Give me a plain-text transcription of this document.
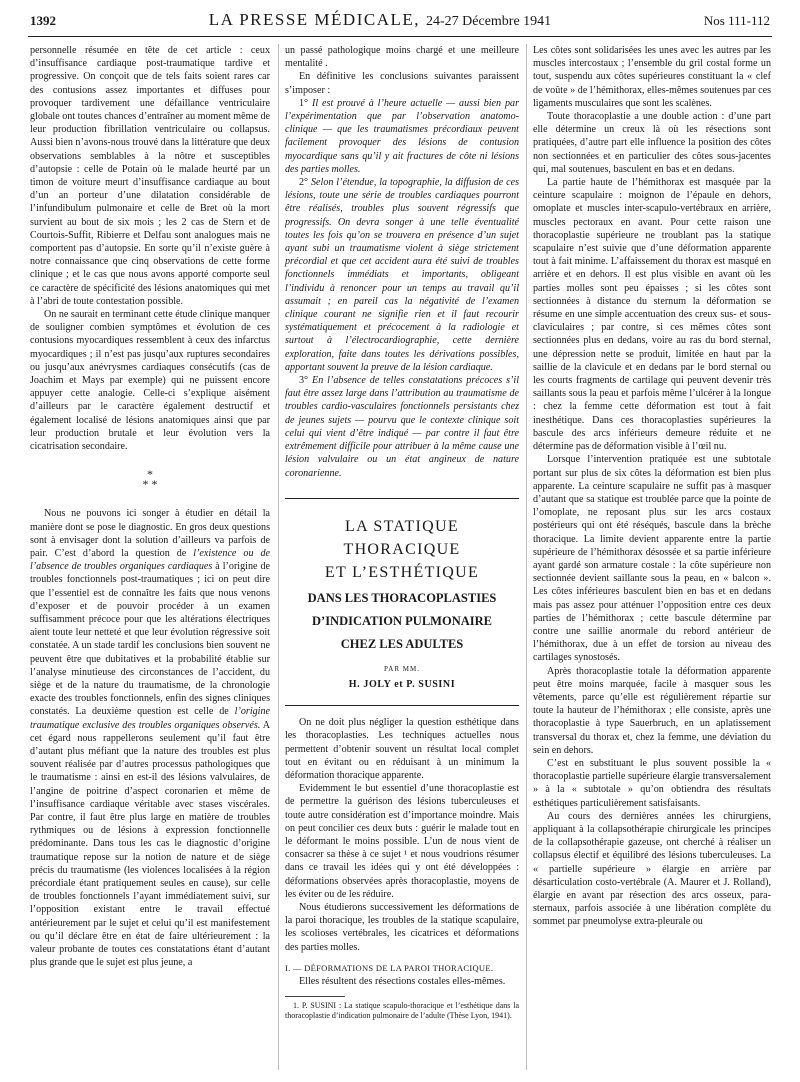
1392	LA PRESSE MÉDICALE, 24-27 Décembre 1941	Nos 111-112

personnelle résumée en tête de cet article : ceux d’insuffisance cardiaque post-traumatique tardive et progressive. On conçoit que de tels faits soient rares car des contusions assez importantes et diffuses pour provoquer tardivement une défaillance ventriculaire globale ont toutes chances d’entraîner au moment même de leur production fibrillation ventriculaire ou collapsus. Aussi bien n’avons-nous trouvé dans la littérature que deux observations semblables à la nôtre et susceptibles d’autopsie : celle de Potain où le malade heurté par un timon de voiture meurt d’insuffisance cardiaque au bout d’un an porteur d’une dilatation considérable de l’infundibulum pulmonaire et celle de Bret où la mort survient au bout de six mois ; les 2 cas de Stern et de Courtois-Suffit, Ribierre et Delfau sont analogues mais ne comportent pas d’autopsie. En sorte qu’il n’existe guère à notre connaissance que cinq observations de cette forme clinique ; et le cas que nous avons apporté comporte seul ce caractère de spécificité des lésions anatomiques qui met à l’abri de toute contestation possible.

On ne saurait en terminant cette étude clinique manquer de souligner combien symptômes et évolution de ces contusions myocardiques ressemblent à ceux des infarctus myocardiques ; il n’est pas jusqu’aux ruptures secondaires ou jusqu’aux anévrysmes cardiaques consécutifs (cas de Joachim et Mays par exemple) qui ne puissent encore appuyer cette analogie. Celle-ci s’explique aisément d’ailleurs par le caractère également destructif et également localisé de lésions anatomiques ainsi que par leur production brutale et leur évolution vers la cicatrisation secondaire.

*
* *

Nous ne pouvons ici songer à étudier en détail la manière dont se pose le diagnostic. En gros deux questions sont à envisager dont la solution d’ailleurs va parfois de pair. C’est d’abord la question de l’existence ou de l’absence de troubles organiques cardiaques à l’origine de troubles fonctionnels post-traumatiques ; ici on peut dire que l’essentiel est de connaître les faits que nous venons d’exposer et de pouvoir procéder à un examen suffisamment précoce pour que les altérations électriques aient toute leur netteté et que leur évolution régressive soit constatée. A un stade tardif les conclusions bien souvent ne peuvent être que dubitatives et la probabilité établie sur l’analyse minutieuse des circonstances de l’accident, du siège et de la nature du traumatisme, de la chronologie exacte des troubles fonctionnels, enfin des signes cliniques constatés. La deuxième question est celle de l’origine traumatique exclusive des troubles organiques observés. A cet égard nous rappellerons seulement qu’il faut être d’autant plus méfiant que la nature des troubles est plus souvent réalisée par d’autres processus pathologiques que le traumatisme : ainsi en est-il des lésions valvulaires, de l’angine de poitrine d’aspect coronarien et même de l’insuffisance cardiaque véritable avec stases viscérales. Par contre, il faut être plus large en matière de troubles rythmiques ou de lésions à expression fonctionnelle prédominante. Dans tous les cas le diagnostic d’origine traumatique repose sur la notion de nature et de siège précis du traumatisme (les violences localisées à la région précordiale étant pratiquement seules en cause), sur celle de troubles fonctionnels l’ayant immédiatement suivi, sur l’opposition existant entre le travail effectué antérieurement par le sujet et celui qu’il est manifestement ou qu’il déclare être en état de faire ultérieurement : la valeur probante de toutes ces constatations étant d’autant plus grande que le sujet est plus jeune, a

un passé pathologique moins chargé et une meilleure mentalité .

En définitive les conclusions suivantes paraissent s’imposer :

1° Il est prouvé à l’heure actuelle — aussi bien par l’expérimentation que par l’observation anatomo-clinique — que les traumatismes précordiaux peuvent facilement provoquer des lésions de contusion myocardique sans qu’il y ait fractures de côte ni lésions des parties molles.

2° Selon l’étendue, la topographie, la diffusion de ces lésions, toute une série de troubles cardiaques pourront être réalisés, troubles plus souvent régressifs que progressifs. On devra songer à une telle éventualité toutes les fois qu’on se trouvera en présence d’un sujet ayant subi un traumatisme violent à siège strictement précordial et que cet accident aura été suivi de troubles fonctionnels immédiats et importants, obligeant l’individu à renoncer pour un temps au travail qu’il assumait ; en pareil cas la négativité de l’examen clinique courant ne signifie rien et il faut recourir systématiquement et précocement à la radiologie et surtout à l’électrocardiographie, cette dernière exploration, faite dans toutes les dérivations possibles, apportant souvent la preuve de la lésion cardiaque.

3° En l’absence de telles constatations précoces s’il faut être assez large dans l’attribution au traumatisme de troubles cardio-vasculaires fonctionnels persistants chez de jeunes sujets — pourvu que le contexte clinique soit celui qui vient d’être indiqué — par contre il faut être extrêmement difficile pour attribuer à la même cause une lésion valvulaire ou un état angineux de nature coronarienne.

LA STATIQUE THORACIQUE
ET L’ESTHÉTIQUE
DANS LES THORACOPLASTIES
D’INDICATION PULMONAIRE
CHEZ LES ADULTES
PAR MM.
H. JOLY et P. SUSINI

On ne doit plus négliger la question esthétique dans les thoracoplasties. Les techniques actuelles nous permettent d’obtenir souvent un résultat local complet tout en évitant ou en réduisant à un minimum la déformation thoracique apparente.

Evidemment le but essentiel d’une thoracoplastie est de permettre la guérison des lésions tuberculeuses et toute autre considération est d’importance moindre. Mais on peut concilier ces deux buts : guérir le malade tout en le déformant le moins possible. L’un de nous vient de consacrer sa thèse à ce sujet ¹ et nous voudrions résumer dans ce travail les idées qui y ont été développées : déformations observées après thoracoplastie, moyens de les éviter ou de les réduire.

Nous étudierons successivement les déformations de la paroi thoracique, les troubles de la statique scapulaire, les scolioses vertébrales, les cicatrices et déformations des parties molles.

I. — DÉFORMATIONS DE LA PAROI THORACIQUE.

Elles résultent des résections costales elles-mêmes.

1. P. SUSINI : La statique scapulo-thoracique et l’esthétique dans la thoracoplastie d’indication pulmonaire de l’adulte (Thèse Lyon, 1941).

Les côtes sont solidarisées les unes avec les autres par les muscles intercostaux ; l’ensemble du gril costal forme un tout, suspendu aux côtes supérieures constituant la « clef de voûte » de l’hémithorax, elles-mêmes soutenues par ces ligaments musculaires que sont les scalènes.

Toute thoracoplastie a une double action : d’une part elle détermine un creux là où les résections sont pratiquées, d’autre part elle influence la position des côtes non sectionnées et en particulier des côtes sous-jacentes qui, mal soutenues, basculent en bas et en dedans.

La partie haute de l’hémithorax est masquée par la ceinture scapulaire : moignon de l’épaule en dehors, omoplate et muscles inter-scapulo-vertébraux en arrière, muscles pectoraux en avant. Pour cette raison une thoracoplastie supérieure ne troublant pas la statique scapulaire n’est suivie que d’une déformation apparente tout à fait minime. L’affaissement du thorax est masqué en arrière et en dehors. Il est plus visible en avant où les parties molles sont peu épaisses ; si les côtes sont sectionnées à distance du sternum la déformation se résume en une simple accentuation des creux sus- et sous-claviculaires ; par contre, si ces mêmes côtes sont sectionnées plus en dedans, voire au ras du bord sternal, une dépression nette se produit, limitée en haut par la saillie de la clavicule et en dedans par le bord sternal ou les courts fragments de cartilage qui peuvent devenir très saillants sous la peau et parfois même l’ulcérer à la longue : chez la femme cette déformation est tout à fait inesthétique. Dans ces thoracoplasties supérieures la bascule des arcs inférieurs demeure réduite et ne détermine pas de déformation visible à l’œil nu.

Lorsque l’intervention pratiquée est une subtotale portant sur plus de six côtes la déformation est bien plus apparente. La ceinture scapulaire ne suffit pas à masquer d’autant que sa statique est troublée parce que la pointe de l’omoplate, ne reposant plus sur les arcs costaux postérieurs qui ont été réséqués, bascule dans la brèche thoracique. La limite devient apparente entre la partie supérieure de l’hémithorax désossée et sa partie inférieure ayant gardé son armature costale : la côte supérieure non sectionnée devient saillante sous la peau, en « balcon ». Les côtes inférieures basculent bien en bas et en dedans mais pas assez pour atténuer l’opposition entre ces deux parties de l’hémithorax ; cette bascule détermine par contre une saillie anormale du rebord antérieur de l’hémithorax, due à un effet de torsion au niveau des cartilages synostosés.

Après thoracoplastie totale la déformation apparente peut être moins marquée, facile à masquer sous les vêtements, parce qu’elle est régulièrement répartie sur toute la hauteur de l’hémithorax ; elle consiste, après une thoracoplastie à type Sauerbruch, en un aplatissement transversal du thorax et, chez la femme, une déviation du sein en dehors.

C’est en substituant le plus souvent possible la « thoracoplastie partielle supérieure élargie transversalement » à la « subtotale » qu’on obtiendra des résultats esthétiques particulièrement satisfaisants.

Au cours des dernières années les chirurgiens, appliquant à la collapsothérapie chirurgicale les principes de la collapsothérapie gazeuse, ont cherché à réaliser un collapsus électif et équilibré des lésions tuberculeuses. La « partielle supérieure » élargie en arrière par désarticulation costo-vertébrale (A. Maurer et J. Rolland), élargie en avant par résection des arcs osseux, para-sternaux, parfois associée à une libération complète du sommet par pneumolyse extra-pleurale ou
